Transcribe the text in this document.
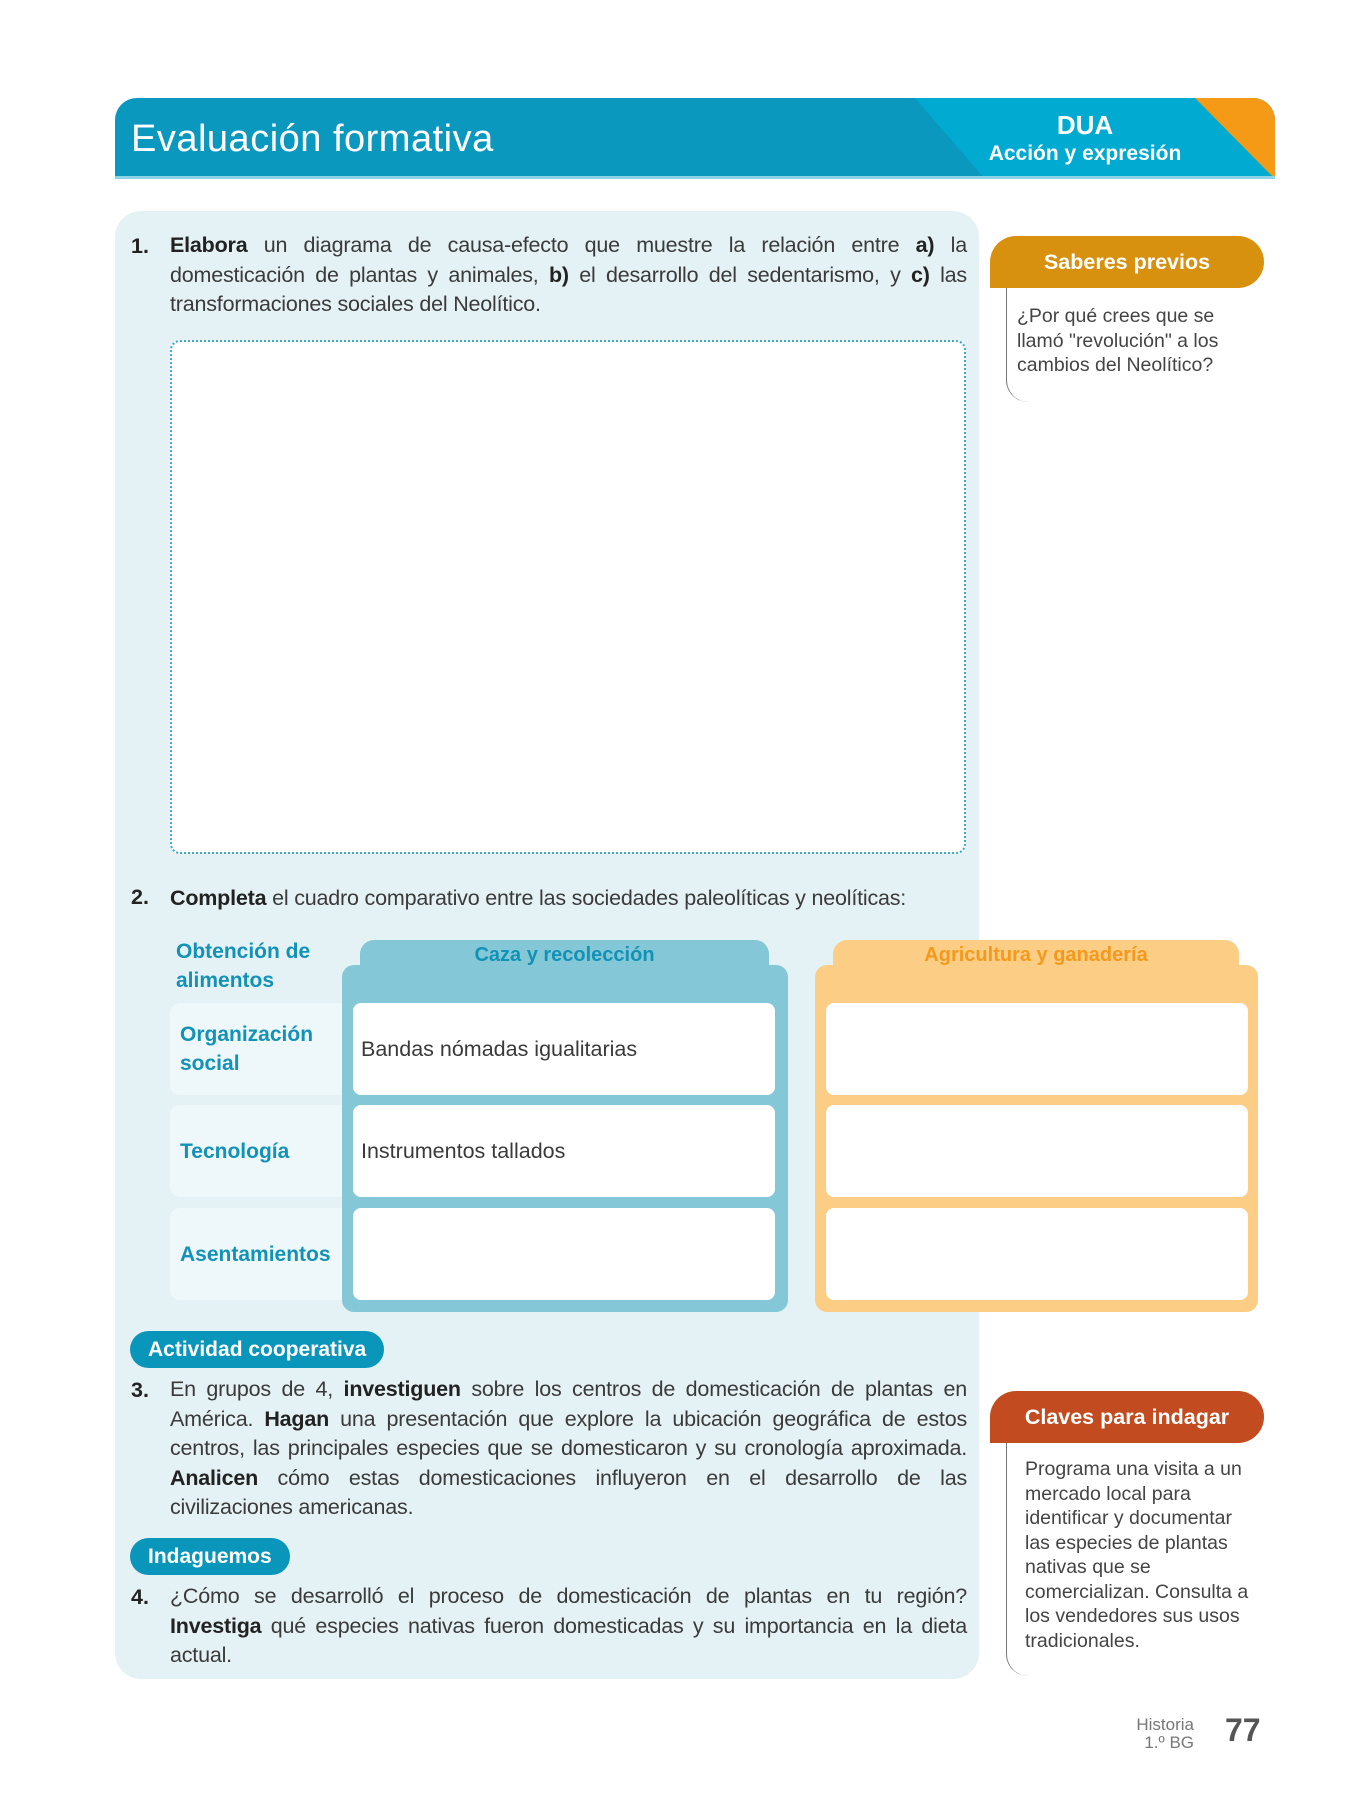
Evaluación formativa	DUA
Acción y expresión
1. Elabora un diagrama de causa-efecto que muestre la relación entre a) la domesticación de plantas y animales, b) el desarrollo del sedentarismo, y c) las transformaciones sociales del Neolítico.

2. Completa el cuadro comparativo entre las sociedades paleolíticas y neolíticas:

Obtención de alimentos
Organización social
Tecnología
Asentamientos
Caza y recolección
Bandas nómadas igualitarias
Instrumentos tallados
Agricultura y ganadería
Actividad cooperativa
3. En grupos de 4, investiguen sobre los centros de domesticación de plantas en América. Hagan una presentación que explore la ubicación geográfica de estos centros, las principales especies que se domesticaron y su cronología aproximada. Analicen cómo estas domesticaciones influyeron en el desarrollo de las civilizaciones americanas.

Indaguemos
4. ¿Cómo se desarrolló el proceso de domesticación de plantas en tu región? Investiga qué especies nativas fueron domesticadas y su importancia en la dieta actual.

Saberes previos

¿Por qué crees que se llamó "revolución" a los cambios del Neolítico?

Claves para indagar

Programa una visita a un mercado local para identificar y documentar las especies de plantas nativas que se comercializan. Consulta a los vendedores sus usos tradicionales.

Historia
1.º BG 77
